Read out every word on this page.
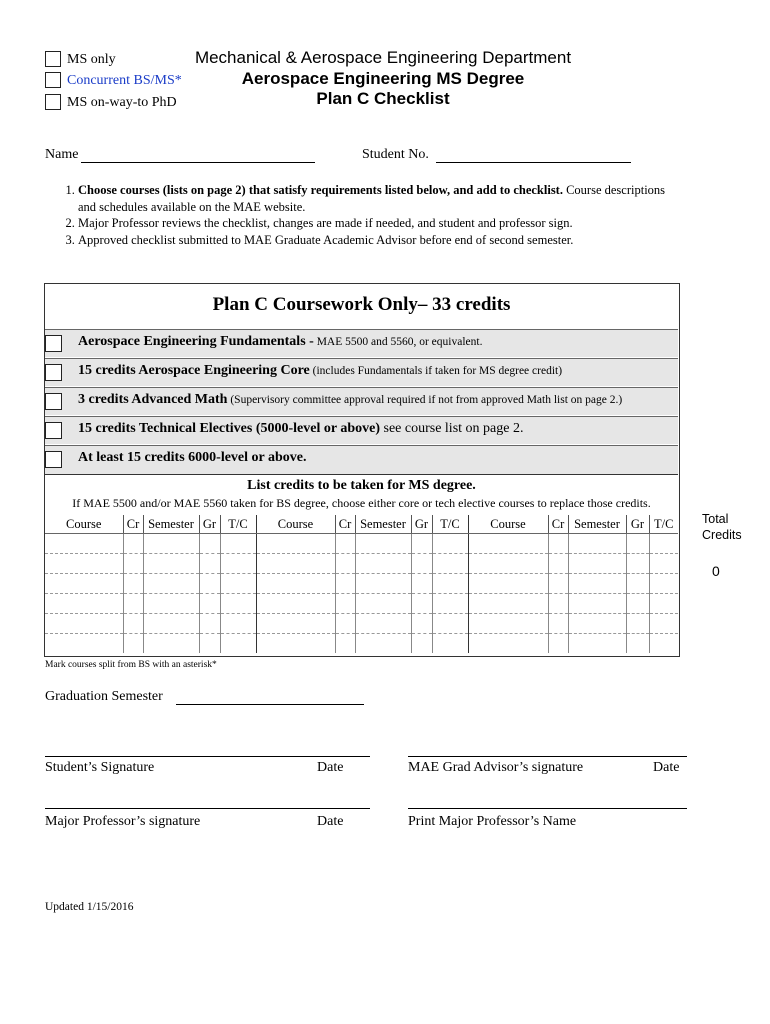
MS only
Concurrent BS/MS*
MS on-way-to PhD
Mechanical & Aerospace Engineering Department
Aerospace Engineering MS Degree
Plan C Checklist
Name	Student No.
1. Choose courses (lists on page 2) that satisfy requirements listed below, and add to checklist. Course descriptions and schedules available on the MAE website.
2. Major Professor reviews the checklist, changes are made if needed, and student and professor sign.
3. Approved checklist submitted to MAE Graduate Academic Advisor before end of second semester.
Plan C Coursework Only– 33 credits
Aerospace Engineering Fundamentals - MAE 5500 and 5560, or equivalent.
15 credits Aerospace Engineering Core (includes Fundamentals if taken for MS degree credit)
3 credits Advanced Math (Supervisory committee approval required if not from approved Math list on page 2.)
15 credits Technical Electives (5000-level or above) see course list on page 2.
At least 15 credits 6000-level or above.
List credits to be taken for MS degree.
If MAE 5500 and/or MAE 5560 taken for BS degree, choose either core or tech elective courses to replace those credits.
Course	Cr	Semester	Gr	T/C	Course	Cr	Semester	Gr	T/C	Course	Cr	Semester	Gr	T/C

														Total
Credits
0
Mark courses split from BS with an asterisk*
Graduation Semester
Student’s Signature	Date	MAE Grad Advisor’s signature	Date
Major Professor’s signature	Date	Print Major Professor’s Name
Updated 1/15/2016
